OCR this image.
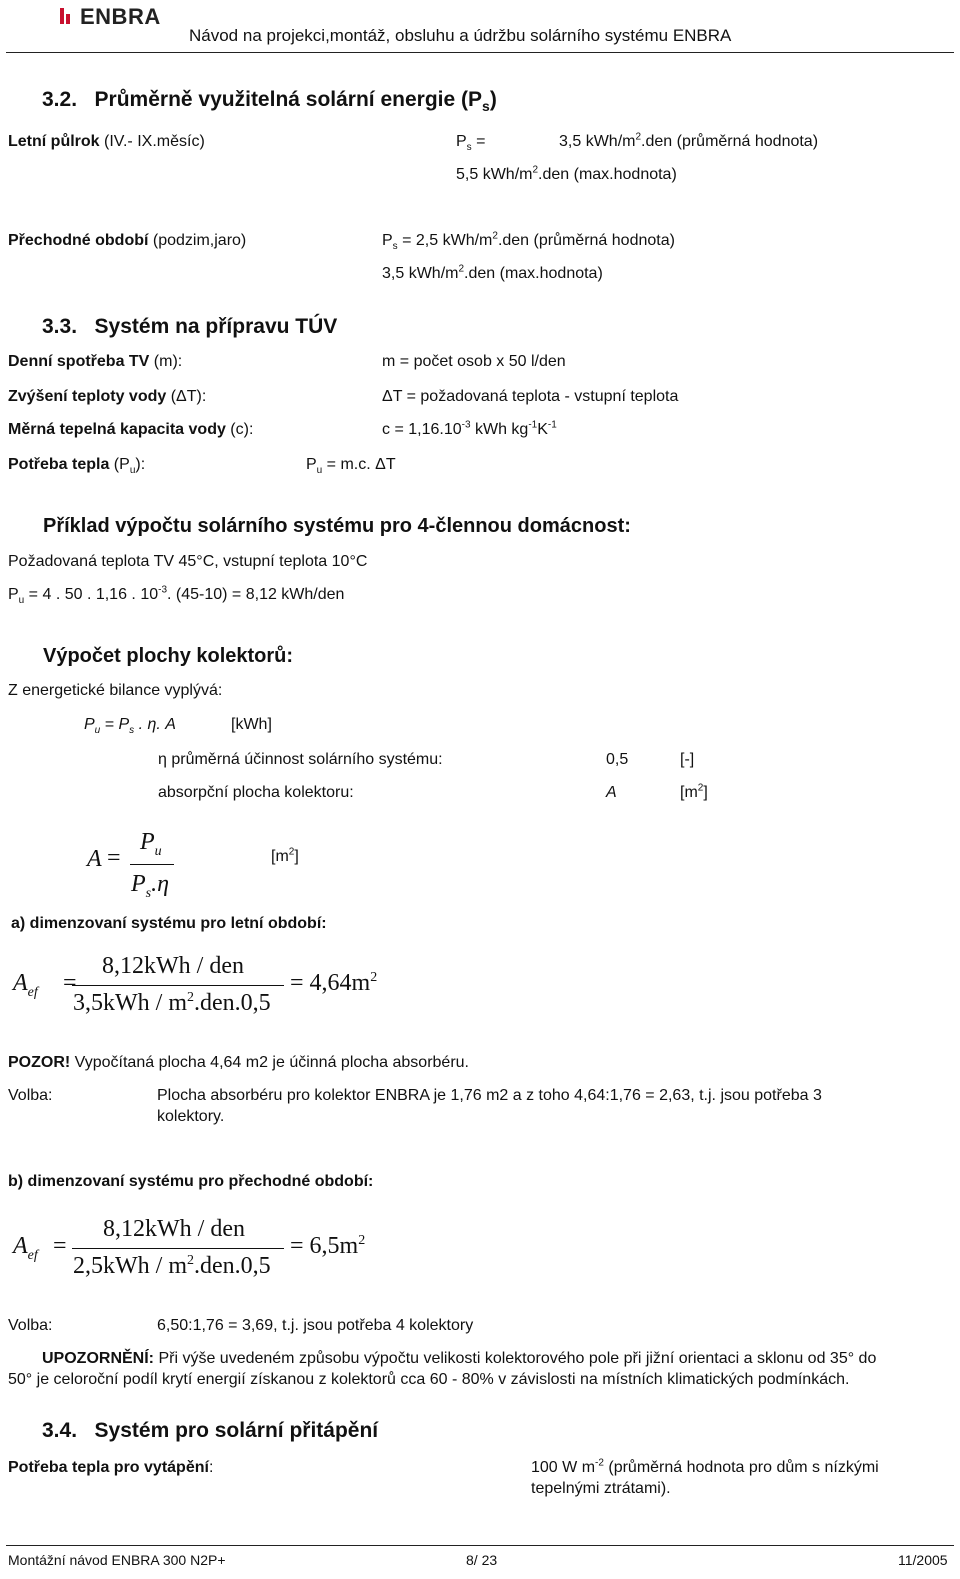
ENBRA
Návod na projekci,montáž, obsluhu a údržbu solárního systému ENBRA
3.2. Průměrně využitelná solární energie $(P_s)$
Letní půlrok (IV.- IX.měsíc)	$P_s$ =	3,5 kWh/$m^2.den$ (průměrná hodnota)
5,5 kWh/$m^2.den$ (max.hodnota)
Přechodné období (podzim,jaro)	$P_s = 2,5$ kWh/$m^2.den$ (průměrná hodnota)
3,5 kWh/$m^2.den$ (max.hodnota)
3.3. Systém na přípravu TÚV
Denní spotřeba TV (m):	m = počet osob x 50 l/den
Zvýšení teploty vody (ΔT):	ΔT = požadovaná teplota - vstupní teplota
Měrná tepelná kapacita vody (c):	$c = 1,16.10^{-3}$ kWh $kg^{-1}K^{-1}$
Potřeba tepla $(P_u)$:	$P_u = m.c$. ΔT
Příklad výpočtu solárního systému pro 4-člennou domácnost:
Požadovaná teplota TV 45°C, vstupní teplota 10°C
$P_u = 4$ . 50 . 1,16 . $10^{-3}$. (45-10) = 8,12 kWh/den
Výpočet plochy kolektorů:
Z energetické bilance vyplývá:
$P_u = P_s$ . η. A	[kWh]
η průměrná účinnost solárního systému:	0,5	[-]
absorpční plocha kolektoru:	A	$[m^2]$
A =
$P_u$
$P_s.\eta$
$[m^2]$
a) dimenzovaní systému pro letní období:
$A_{ef}$ =
8,12kWh / den
$3,5kWh / m^2.den.0,5$
= $4,64m^2$
POZOR! Vypočítaná plocha 4,64 m2 je účinná plocha absorbéru.
Volba:	Plocha absorbéru pro kolektor ENBRA je 1,76 m2 a z toho 4,64:1,76 = 2,63, t.j. jsou potřeba 3
kolektory.
b) dimenzovaní systému pro přechodné období:
$A_{ef}$ =
8,12kWh / den
$2,5kWh / m^2.den.0,5$
= $6,5m^2$
Volba:	6,50:1,76 = 3,69, t.j. jsou potřeba 4 kolektory
UPOZORNĚNÍ: Při výše uvedeném způsobu výpočtu velikosti kolektorového pole při jižní orientaci a sklonu od 35° do
50° je celoroční podíl krytí energií získanou z kolektorů cca 60 - 80% v závislosti na místních klimatických podmínkách.
3.4. Systém pro solární přitápění
Potřeba tepla pro vytápění:	100 W $m^{-2}$ (průměrná hodnota pro dům s nízkými
tepelnými ztrátami).
Montážní návod ENBRA 300 N2P+	8/ 23	11/2005
